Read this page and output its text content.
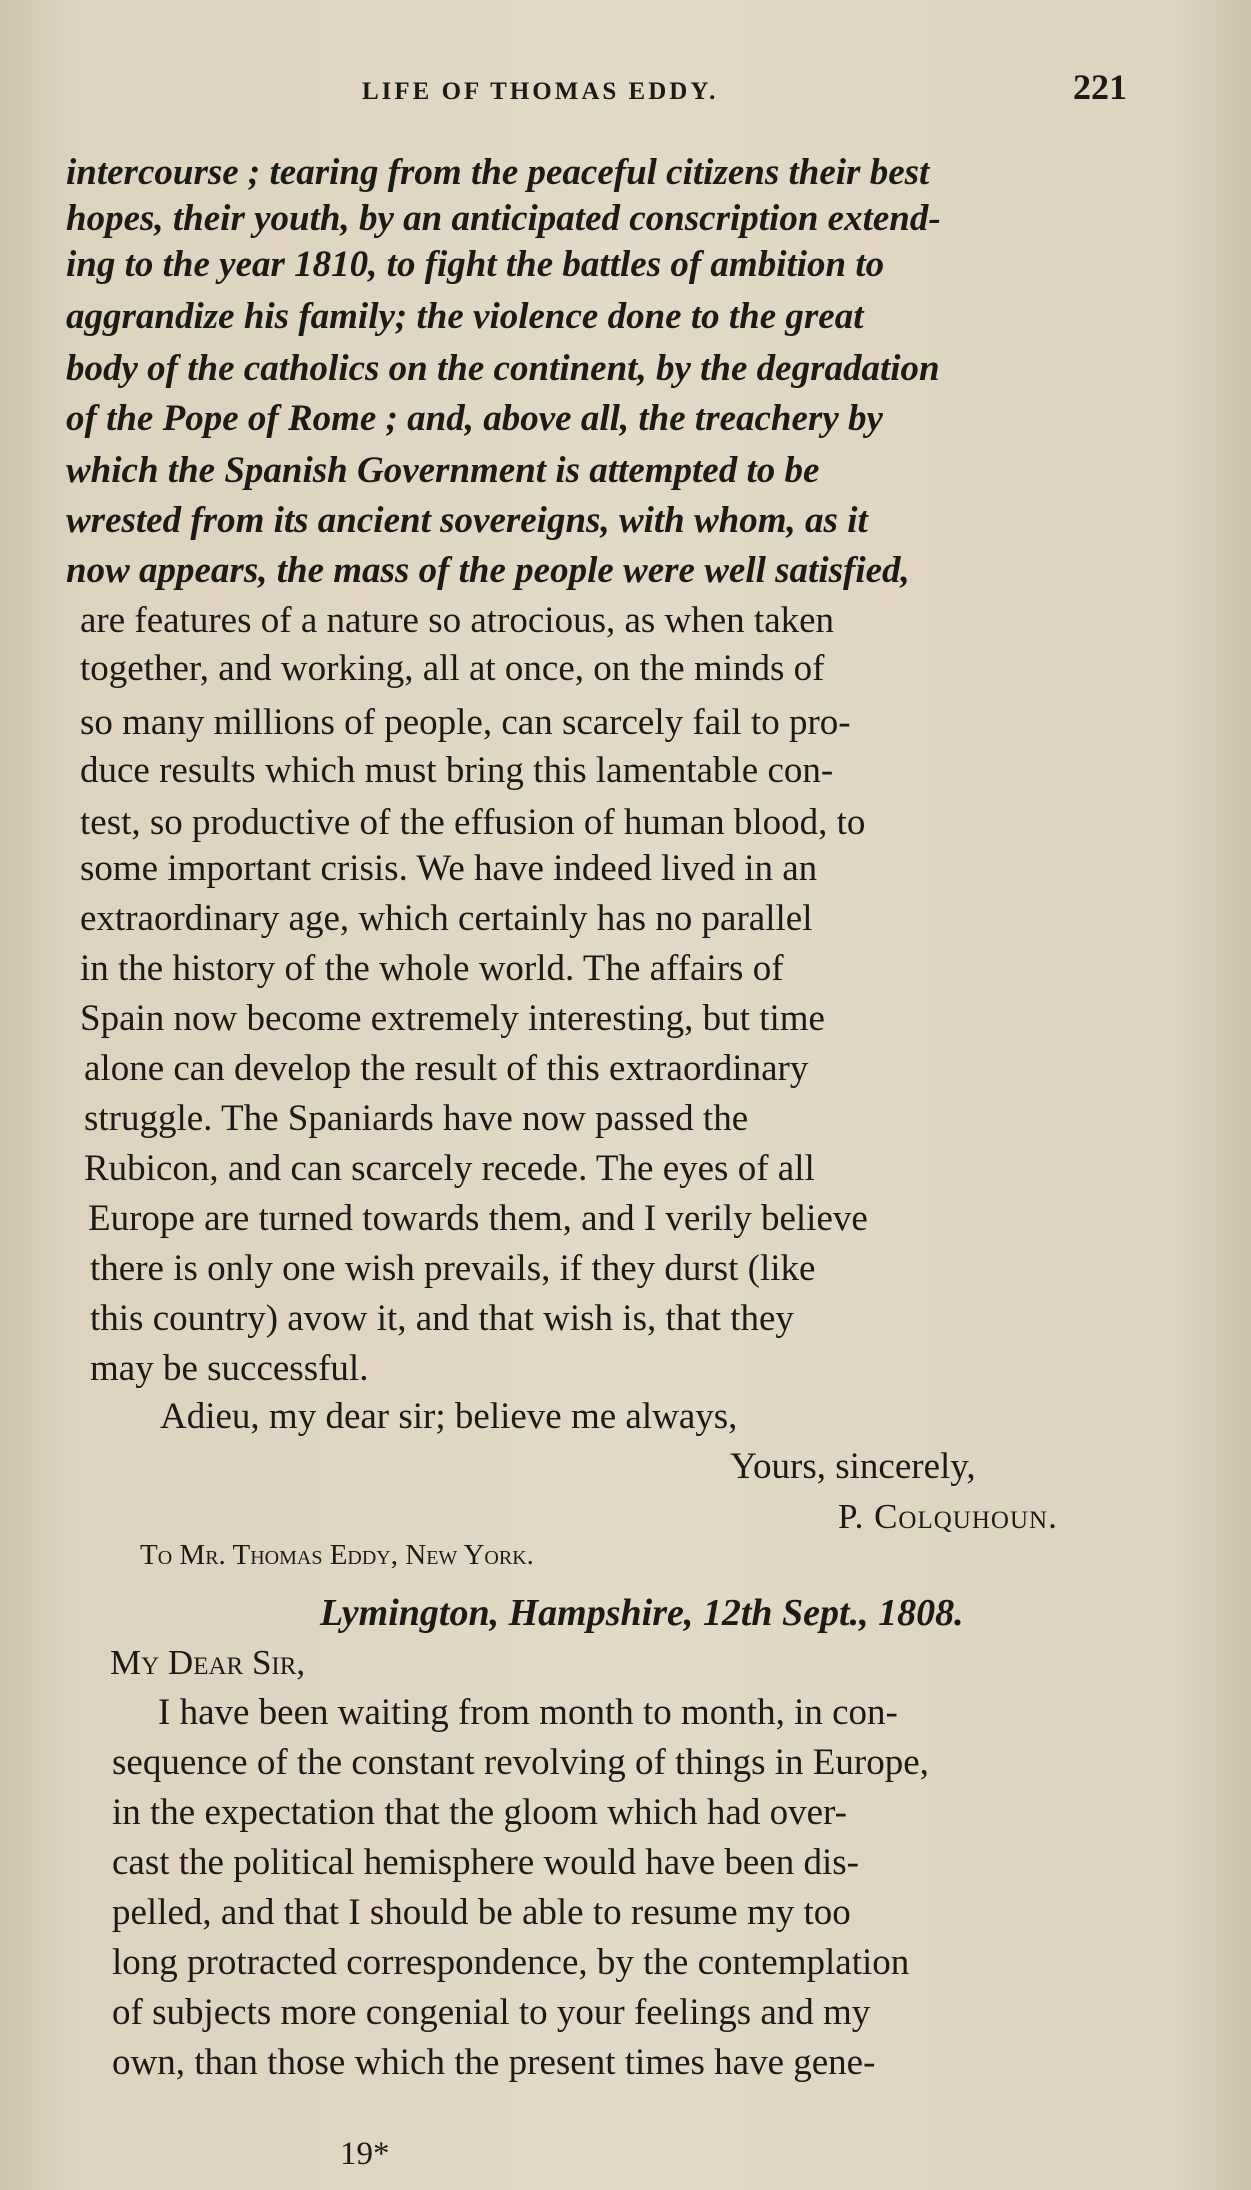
LIFE OF THOMAS EDDY.	221
intercourse ; tearing from the peaceful citizens their best
hopes, their youth, by an anticipated conscription extend-
ing to the year 1810, to fight the battles of ambition to
aggrandize his family; the violence done to the great
body of the catholics on the continent, by the degradation
of the Pope of Rome ; and, above all, the treachery by
which the Spanish Government is attempted to be
wrested from its ancient sovereigns, with whom, as it
now appears, the mass of the people were well satisfied,
are features of a nature so atrocious, as when taken
together, and working, all at once, on the minds of
so many millions of people, can scarcely fail to pro-
duce results which must bring this lamentable con-
test, so productive of the effusion of human blood, to
some important crisis. We have indeed lived in an
extraordinary age, which certainly has no parallel
in the history of the whole world. The affairs of
Spain now become extremely interesting, but time
alone can develop the result of this extraordinary
struggle. The Spaniards have now passed the
Rubicon, and can scarcely recede. The eyes of all
Europe are turned towards them, and I verily believe
there is only one wish prevails, if they durst (like
this country) avow it, and that wish is, that they
may be successful.
Adieu, my dear sir; believe me always,
Yours, sincerely,
P. Colquhoun.
To Mr. Thomas Eddy, New York.
Lymington, Hampshire, 12th Sept., 1808.
My Dear Sir,
I have been waiting from month to month, in con-
sequence of the constant revolving of things in Europe,
in the expectation that the gloom which had over-
cast the political hemisphere would have been dis-
pelled, and that I should be able to resume my too
long protracted correspondence, by the contemplation
of subjects more congenial to your feelings and my
own, than those which the present times have gene-
19*
